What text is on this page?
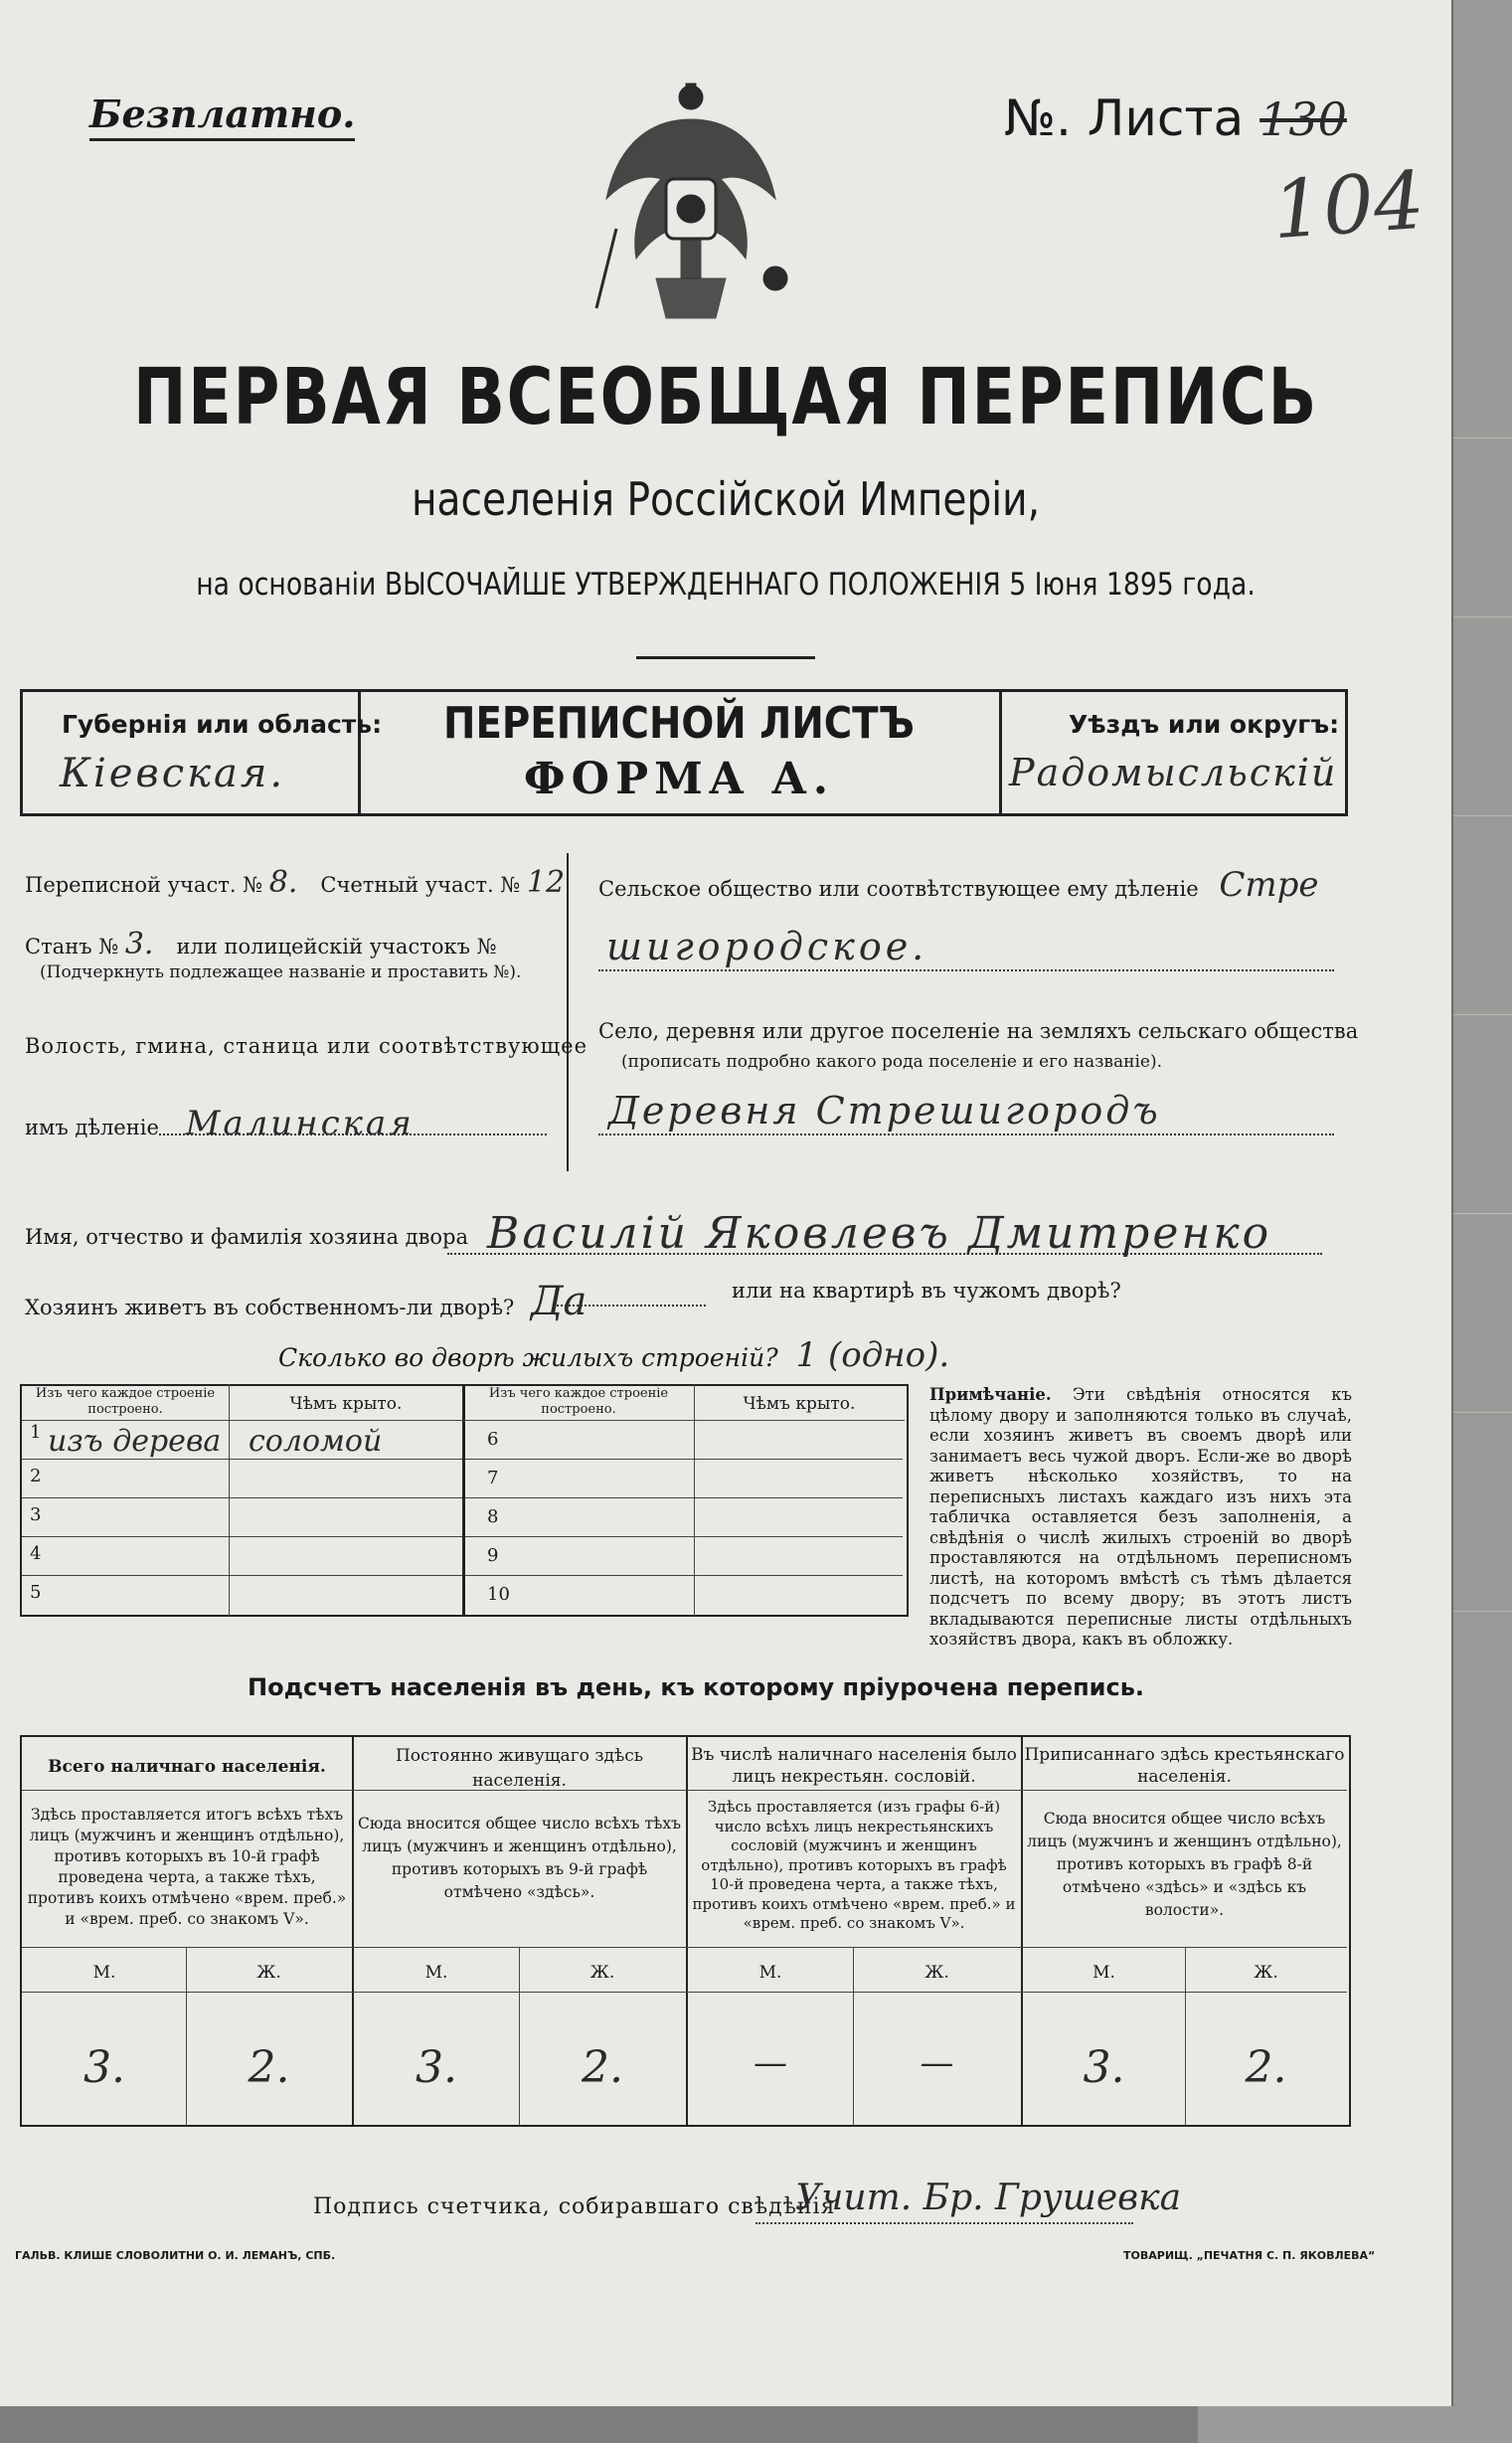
Безплатно.	№. Листа 130
104
ПЕРВАЯ ВСЕОБЩАЯ ПЕРЕПИСЬ
населенія Россійской Имперіи,
на основаніи ВЫСОЧАЙШЕ УТВЕРЖДЕННАГО ПОЛОЖЕНІЯ 5 Іюня 1895 года.
Губернія или область:
Кіевская.
ПЕРЕПИСНОЙ ЛИСТЪ
ФОРМА А.
Уѣздъ или округъ:
Радомысльскій
Переписной участ. № 8. Счетный участ. № 12
Станъ № 3. или полицейскій участокъ №
(Подчеркнуть подлежащее названіе и проставить №).
Волость, гмина, станица или соотвѣтствующее
имъ дѣленіе Малинская
Сельское общество или соотвѣтствующее ему дѣленіе Стре
шигородское.
Село, деревня или другое поселеніе на земляхъ сельскаго общества
(прописать подробно какого рода поселеніе и его названіе).
Деревня Стрешигородъ
Имя, отчество и фамилія хозяина двора Василій Яковлевъ Дмитренко
Хозяинъ живетъ въ собственномъ-ли дворѣ? Да	или на квартирѣ въ чужомъ дворѣ?
Сколько во дворѣ жилыхъ строеній? 1 (одно).
Изъ чего каждое строеніе построено.	Чѣмъ крыто.
Изъ чего каждое строеніе построено.	Чѣмъ крыто.
1 изъ дерева соломой
2
3
4
5
6
7
8
9
10
Примѣчаніе. Эти свѣдѣнія относятся къ цѣлому двору и заполняются только въ случаѣ, если хозяинъ живетъ въ своемъ дворѣ или занимаетъ весь чужой дворъ. Если-же во дворѣ живетъ нѣсколько хозяйствъ, то на переписныхъ листахъ каждаго изъ нихъ эта табличка оставляется безъ заполненія, а свѣдѣнія о числѣ жилыхъ строеній во дворѣ проставляются на отдѣльномъ переписномъ листѣ, на которомъ вмѣстѣ съ тѣмъ дѣлается подсчетъ по всему двору; въ этотъ листъ вкладываются переписные листы отдѣльныхъ хозяйствъ двора, какъ въ обложку.
Подсчетъ населенія въ день, къ которому пріурочена перепись.
Всего наличнаго населенія.
Здѣсь проставляется итогъ всѣхъ тѣхъ лицъ (мужчинъ и женщинъ отдѣльно), противъ которыхъ въ 10-й графѣ проведена черта, а также тѣхъ, противъ коихъ отмѣчено «врем. преб.» и «врем. преб. со знакомъ V».
М.	Ж.
3.	2.
Постоянно живущаго здѣсь населенія.
Сюда вносится общее число всѣхъ тѣхъ лицъ (мужчинъ и женщинъ отдѣльно), противъ которыхъ въ 9-й графѣ отмѣчено «здѣсь».
М.	Ж.
3.	2.
Въ числѣ наличнаго населенія было лицъ некрестьян. сословій.
Здѣсь проставляется (изъ графы 6-й) число всѣхъ лицъ некрестьянскихъ сословій (мужчинъ и женщинъ отдѣльно), противъ которыхъ въ графѣ 10-й проведена черта, а также тѣхъ, противъ коихъ отмѣчено «врем. преб.» и «врем. преб. со знакомъ V».
М.	Ж.
—	—
Приписаннаго здѣсь крестьянскаго населенія.
Сюда вносится общее число всѣхъ лицъ (мужчинъ и женщинъ отдѣльно), противъ которыхъ въ графѣ 8-й отмѣчено «здѣсь» и «здѣсь къ волости».
М.	Ж.
3.	2.
Подпись счетчика, собиравшаго свѣдѣнія
Учит. Бр. Грушевка
ГАЛЬВ. КЛИШЕ СЛОВОЛИТНИ О. И. ЛЕМАНЪ, СПБ.	ТОВАРИЩ. „ПЕЧАТНЯ С. П. ЯКОВЛЕВА“
